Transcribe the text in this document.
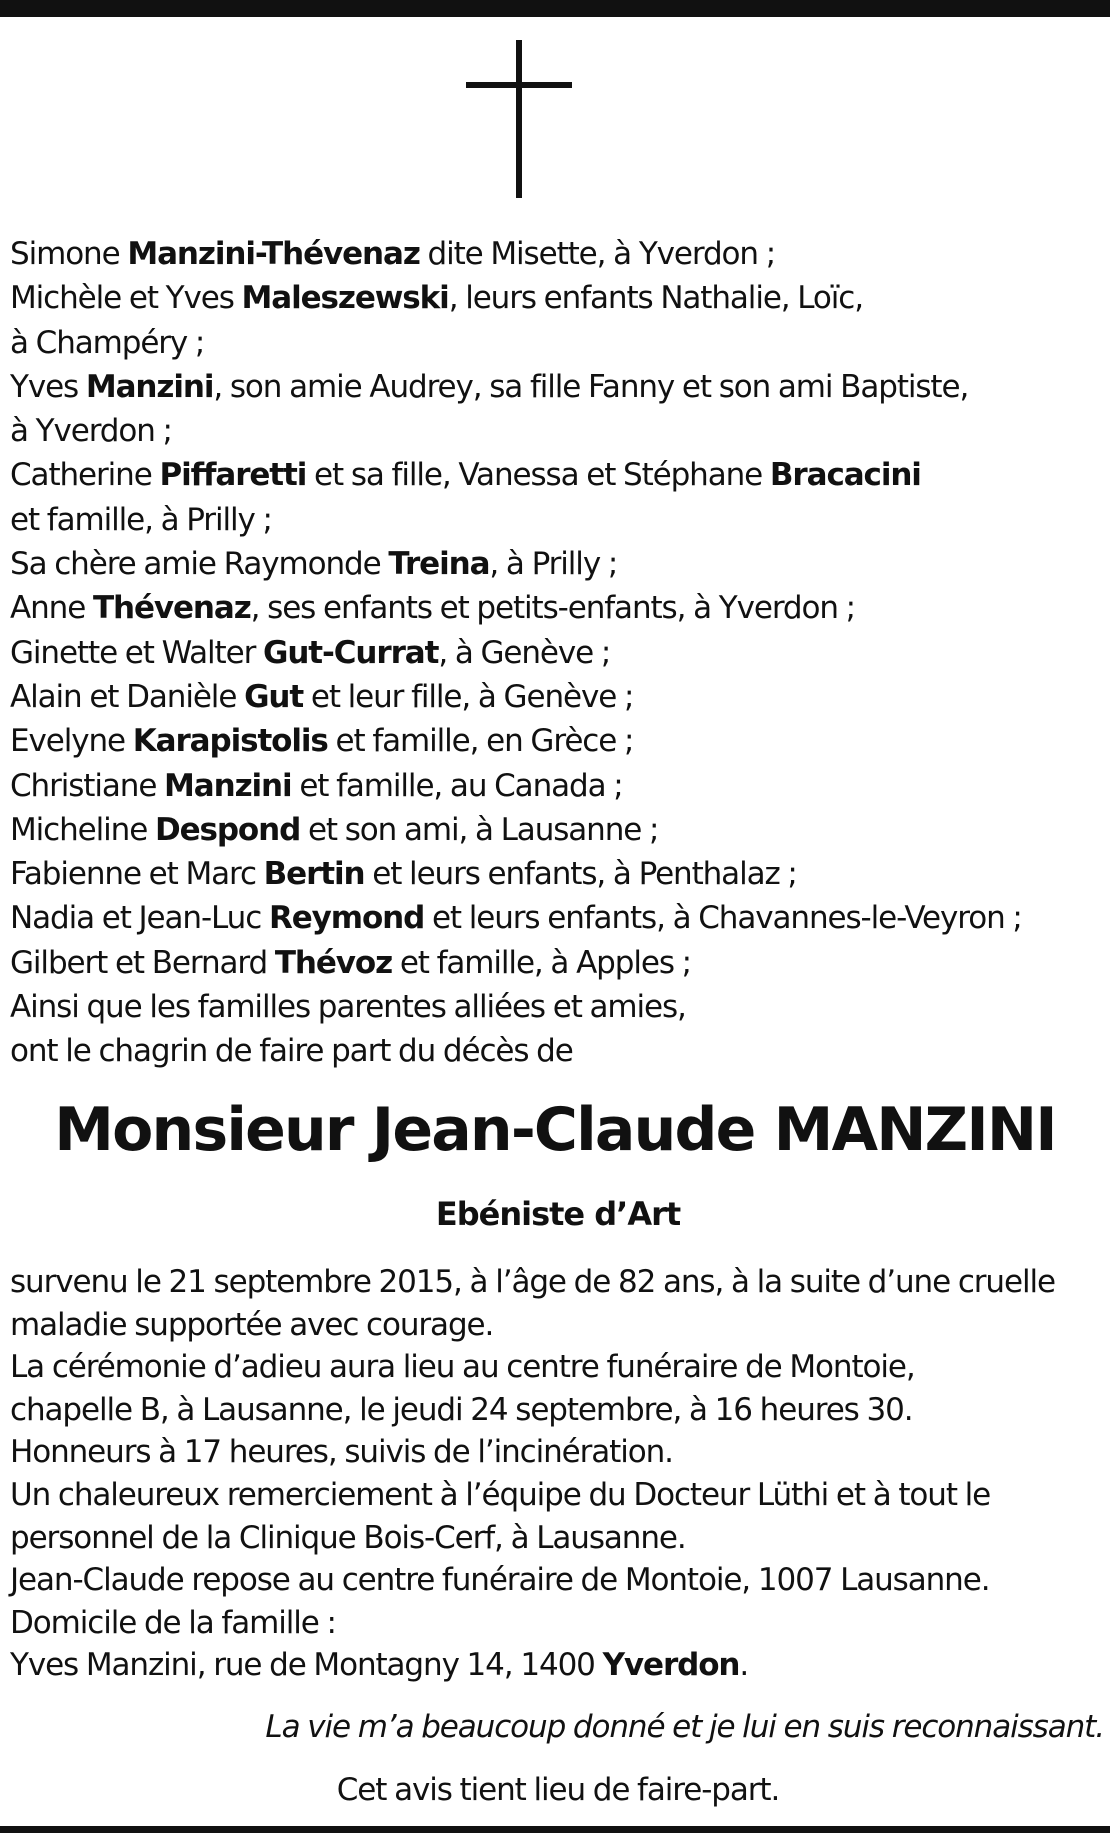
Simone Manzini-Thévenaz dite Misette, à Yverdon ;
Michèle et Yves Maleszewski, leurs enfants Nathalie, Loïc,
à Champéry ;
Yves Manzini, son amie Audrey, sa fille Fanny et son ami Baptiste,
à Yverdon ;
Catherine Piffaretti et sa fille, Vanessa et Stéphane Bracacini
et famille, à Prilly ;
Sa chère amie Raymonde Treina, à Prilly ;
Anne Thévenaz, ses enfants et petits-enfants, à Yverdon ;
Ginette et Walter Gut-Currat, à Genève ;
Alain et Danièle Gut et leur fille, à Genève ;
Evelyne Karapistolis et famille, en Grèce ;
Christiane Manzini et famille, au Canada ;
Micheline Despond et son ami, à Lausanne ;
Fabienne et Marc Bertin et leurs enfants, à Penthalaz ;
Nadia et Jean-Luc Reymond et leurs enfants, à Chavannes-le-Veyron ;
Gilbert et Bernard Thévoz et famille, à Apples ;
Ainsi que les familles parentes alliées et amies,
ont le chagrin de faire part du décès de
Monsieur Jean-Claude MANZINI
Ebéniste d’Art
survenu le 21 septembre 2015, à l’âge de 82 ans, à la suite d’une cruelle
maladie supportée avec courage.
La cérémonie d’adieu aura lieu au centre funéraire de Montoie,
chapelle B, à Lausanne, le jeudi 24 septembre, à 16 heures 30.
Honneurs à 17 heures, suivis de l’incinération.
Un chaleureux remerciement à l’équipe du Docteur Lüthi et à tout le
personnel de la Clinique Bois-Cerf, à Lausanne.
Jean-Claude repose au centre funéraire de Montoie, 1007 Lausanne.
Domicile de la famille :
Yves Manzini, rue de Montagny 14, 1400 Yverdon.
La vie m’a beaucoup donné et je lui en suis reconnaissant.
Cet avis tient lieu de faire-part.
